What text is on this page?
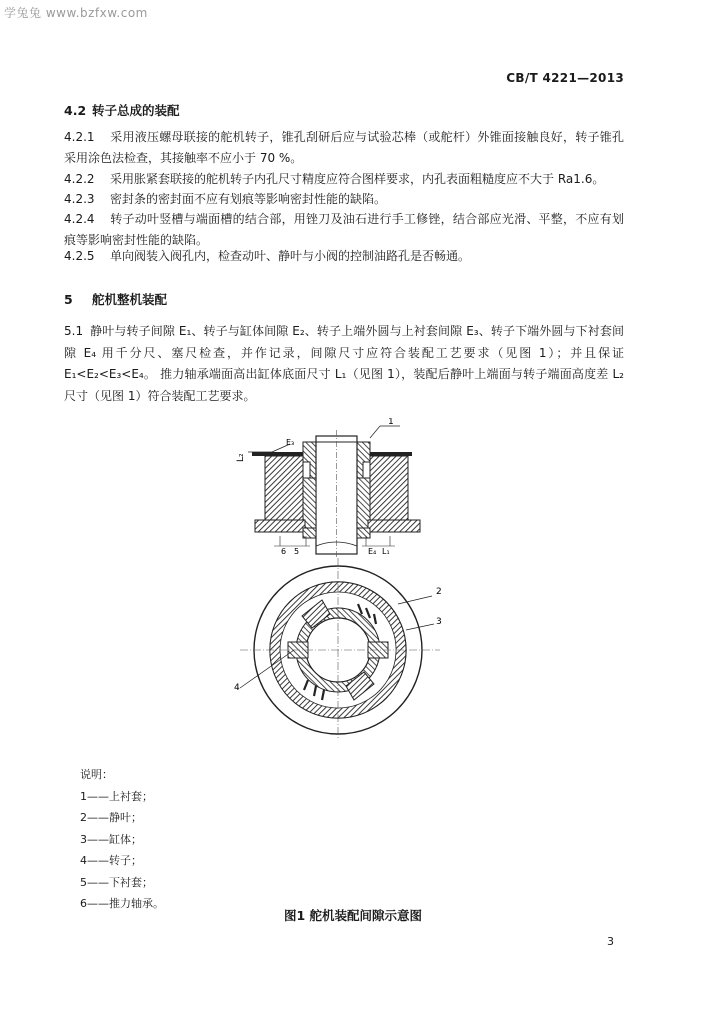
学兔兔 www.bzfxw.com
CB/T 4221—2013
4.2 转子总成的装配
4.2.1 采用液压螺母联接的舵机转子，锥孔刮研后应与试验芯棒（或舵杆）外锥面接触良好，转子锥孔采用涂色法检查，其接触率不应小于 70 %。
4.2.2 采用胀紧套联接的舵机转子内孔尺寸精度应符合图样要求，内孔表面粗糙度应不大于 Ra1.6。
4.2.3 密封条的密封面不应有划痕等影响密封性能的缺陷。
4.2.4 转子动叶竖槽与端面槽的结合部，用锉刀及油石进行手工修锉，结合部应光滑、平整，不应有划痕等影响密封性能的缺陷。
4.2.5 单向阀装入阀孔内，检查动叶、静叶与小阀的控制油路孔是否畅通。
5 舵机整机装配
5.1 静叶与转子间隙 E₁、转子与缸体间隙 E₂、转子上端外圆与上衬套间隙 E₃、转子下端外圆与下衬套间隙 E₄ 用千分尺、塞尺检查，并作记录，间隙尺寸应符合装配工艺要求（见图 1）；并且保证 E₁<E₂<E₃<E₄。 推力轴承端面高出缸体底面尺寸 L₁（见图 1），装配后静叶上端面与转子端面高度差 L₂尺寸（见图 1）符合装配工艺要求。
L₂
E₃
1
6 5	E₄ L₁
2
3
4
说明：
1——上衬套；
2——静叶；
3——缸体；
4——转子；
5——下衬套；
6——推力轴承。
图1 舵机装配间隙示意图
3
